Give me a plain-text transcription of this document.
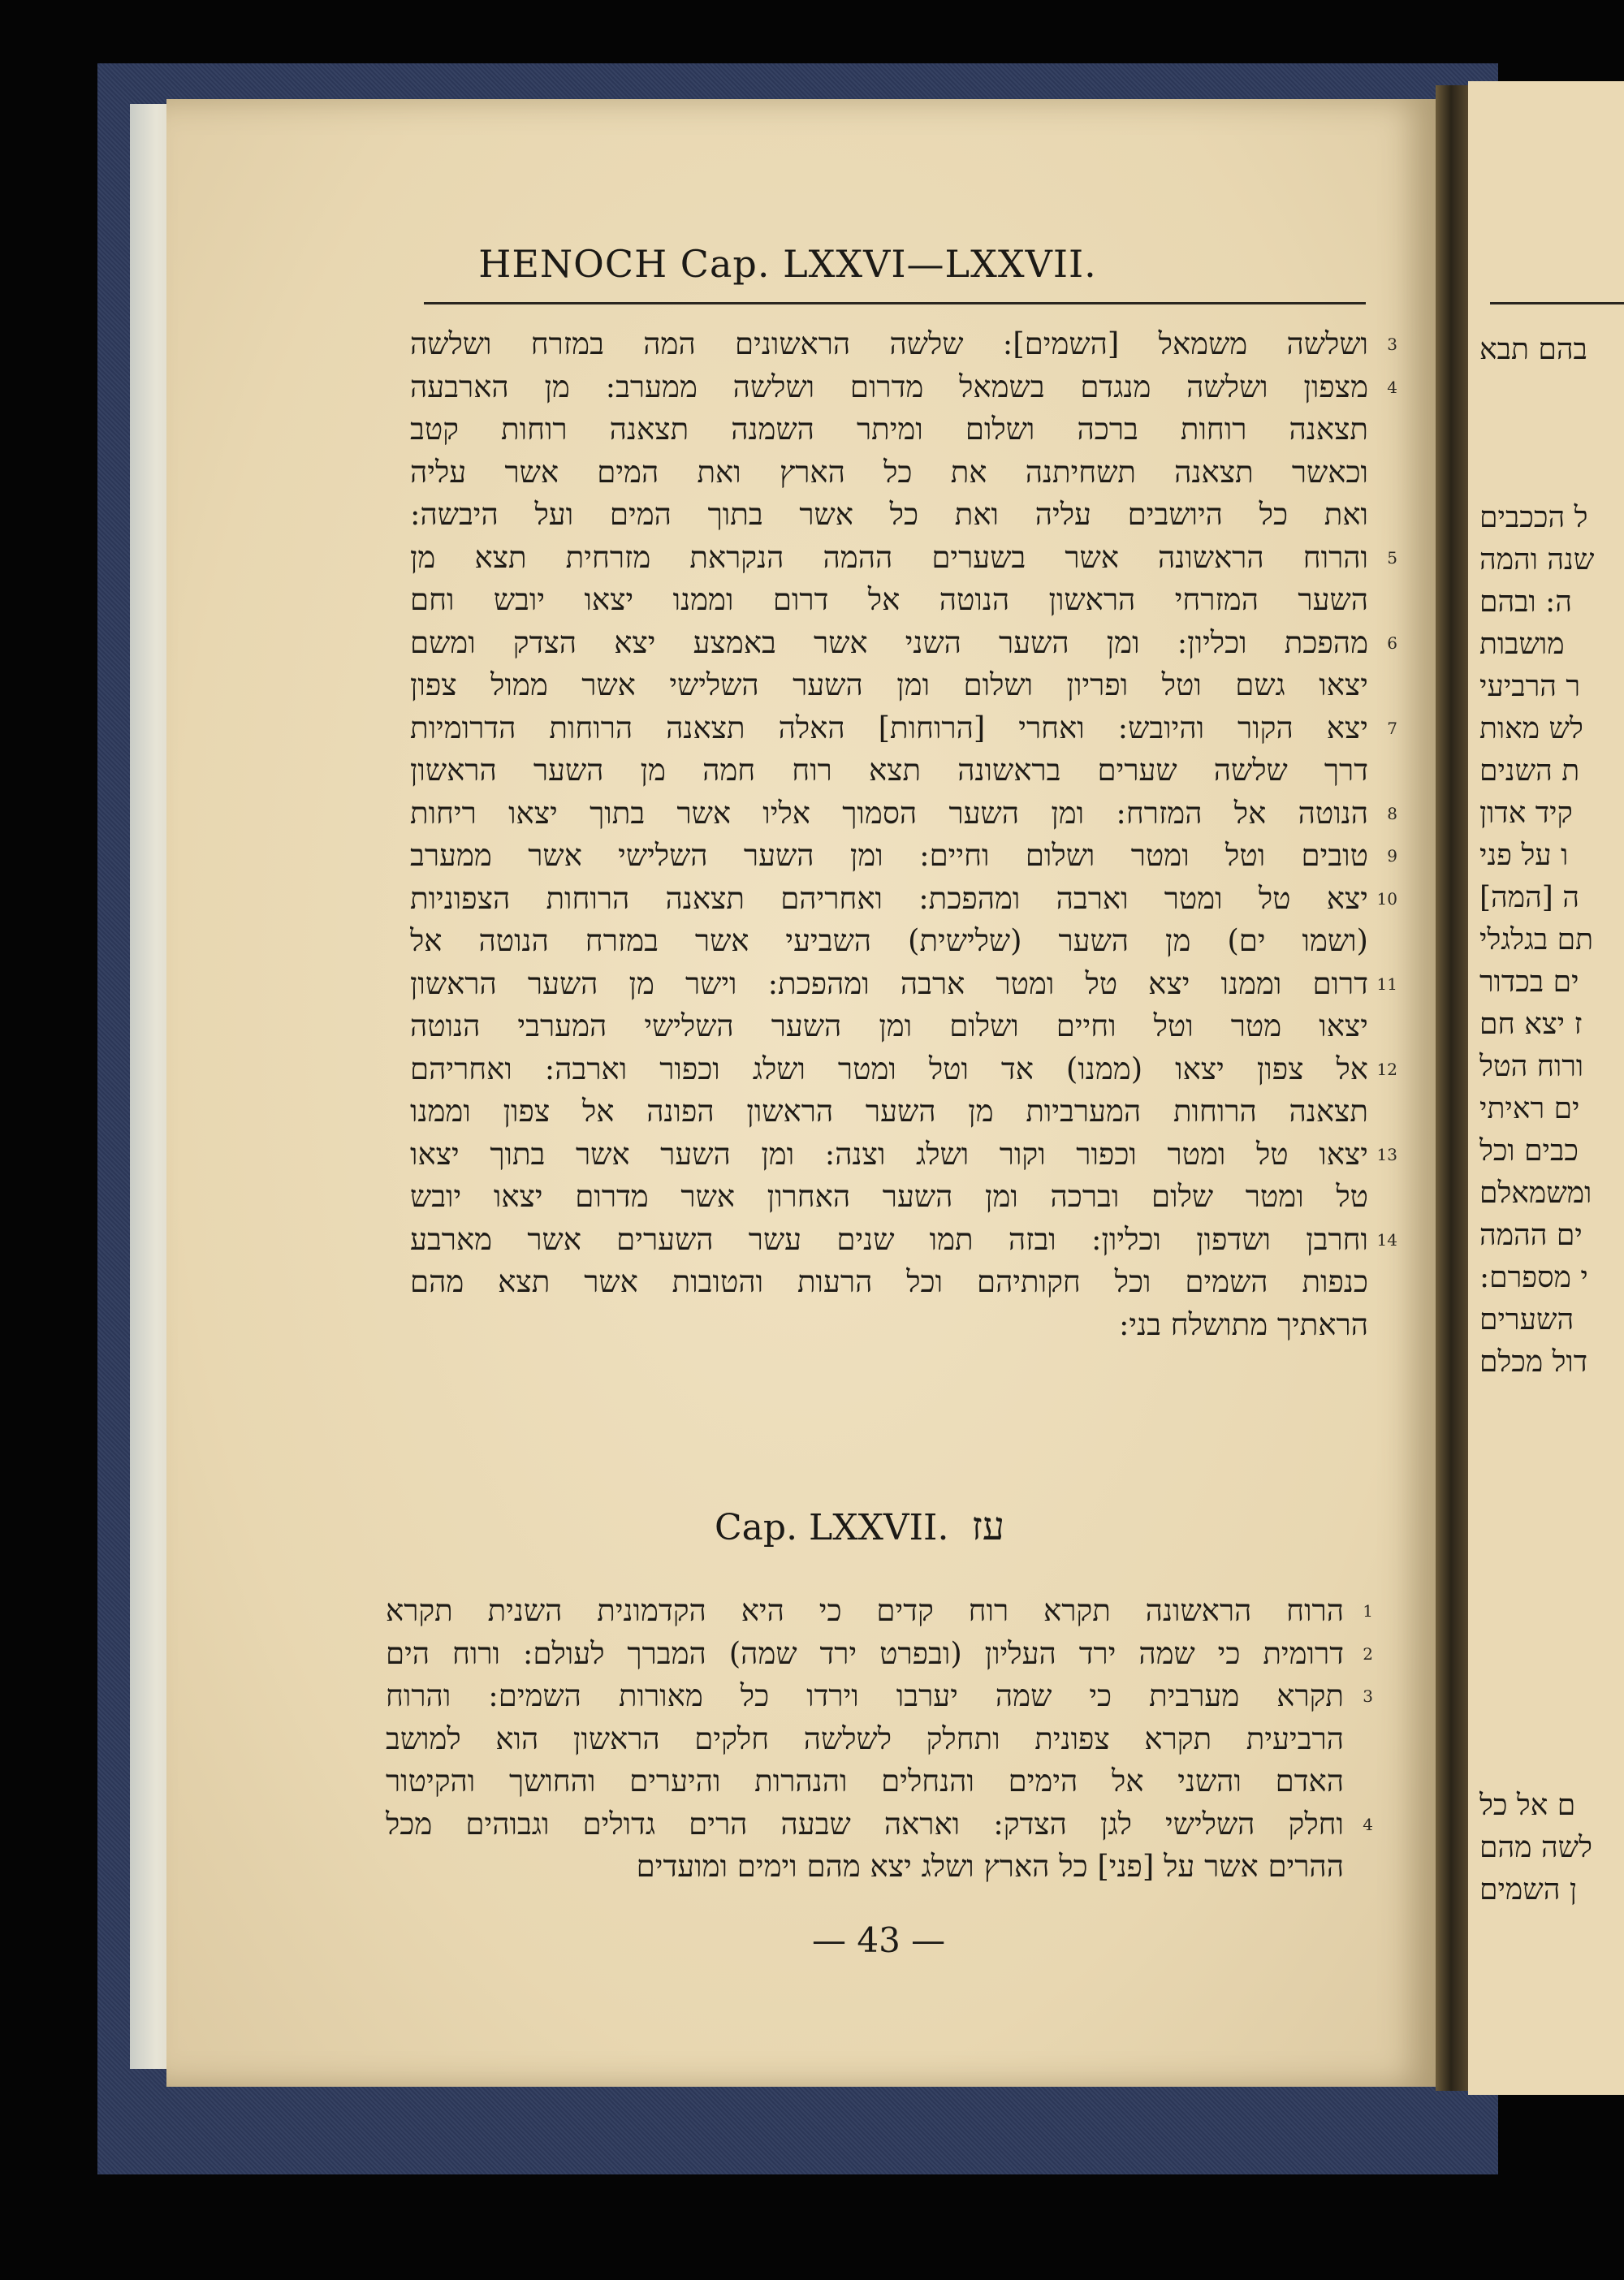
HENOCH Cap. LXXVI—LXXVII.
ושלשה משמאל [השמים]: שלשה הראשונים המה במזרח ושלשה 3
מצפון ושלשה מנגדם בשמאל מדרום ושלשה ממערב: מן הארבעה 4
תצאנה רוחות ברכה ושלום ומיתר השמנה תצאנה רוחות קטב
וכאשר תצאנה תשחיתנה את כל הארץ ואת המים אשר עליה
ואת כל היושבים עליה ואת כל אשר בתוך המים ועל היבשה:
והרוח הראשונה אשר בשערים ההמה הנקראת מזרחית תצא מן 5
השער המזרחי הראשון הנוטה אל דרום וממנו יצאו יובש וחם
מהפכת וכליון: ומן השער השני אשר באמצע יצא הצדק ומשם 6
יצאו גשם וטל ופריון ושלום ומן השער השלישי אשר ממול צפון
יצא הקור והיובש: ואחרי [הרוחות] האלה תצאנה הרוחות הדרומיות 7
דרך שלשה שערים בראשונה תצא רוח חמה מן השער הראשון
הנוטה אל המזרח: ומן השער הסמוך אליו אשר בתוך יצאו ריחות 8
טובים וטל ומטר ושלום וחיים: ומן השער השלישי אשר ממערב 9
יצא טל ומטר וארבה ומהפכת: ואחריהם תצאנה הרוחות הצפוניות 10
(ושמו ים) מן השער (שלישית) השביעי אשר במזרח הנוטה אל
דרום וממנו יצא טל ומטר ארבה ומהפכת: וישר מן השער הראשון 11
יצאו מטר וטל וחיים ושלום ומן השער השלישי המערבי הנוטה
אל צפון יצאו (ממנו) אד וטל ומטר ושלג וכפור וארבה: ואחריהם 12
תצאנה הרוחות המערביות מן השער הראשון הפונה אל צפון וממנו
יצאו טל ומטר וכפור וקור ושלג וצנה: ומן השער אשר בתוך יצאו 13
טל ומטר שלום וברכה ומן השער האחרון אשר מדרום יצאו יובש
וחרבן ושדפון וכליון: ובזה תמו שנים עשר השערים אשר מארבע 14
כנפות השמים וכל חקותיהם וכל הרעות והטובות אשר תצא מהם
הראתיך מתושלח בני:
Cap. LXXVII. עז
הרוח הראשונה תקרא רוח קדים כי היא הקדמונית השנית תקרא 1
דרומית כי שמה ירד העליון (ובפרט ירד שמה) המברך לעולם: ורוח הים 2
תקרא מערבית כי שמה יערבו וירדו כל מאורות השמים: והרוח 3
הרביעית תקרא צפונית ותחלק לשלשה חלקים הראשון הוא למושב
האדם והשני אל הימים והנחלים והנהרות והיערים והחושך והקיטור
וחלק השלישי לגן הצדק: ואראה שבעה הרים גדולים וגבוהים מכל 4
ההרים אשר על [פני] כל הארץ ושלג יצא מהם וימים ומועדים
— 43 —
בהם תבא
ל הככבים
שנה והמה
ה: ובהם
מושבות
ר הרביעי
לש מאות
ת השנים
קיד אדון
ו על פני
ה [המה]
תם בגלגלי
ים בכדור
ז יצא חם
ורוח הטל
ים ראיתי
כבים וכל
ומשמאלם
ים ההמה
י מספרם:
השערים
דול מכלם
ם אל כל
לשה מהם
ן השמים
